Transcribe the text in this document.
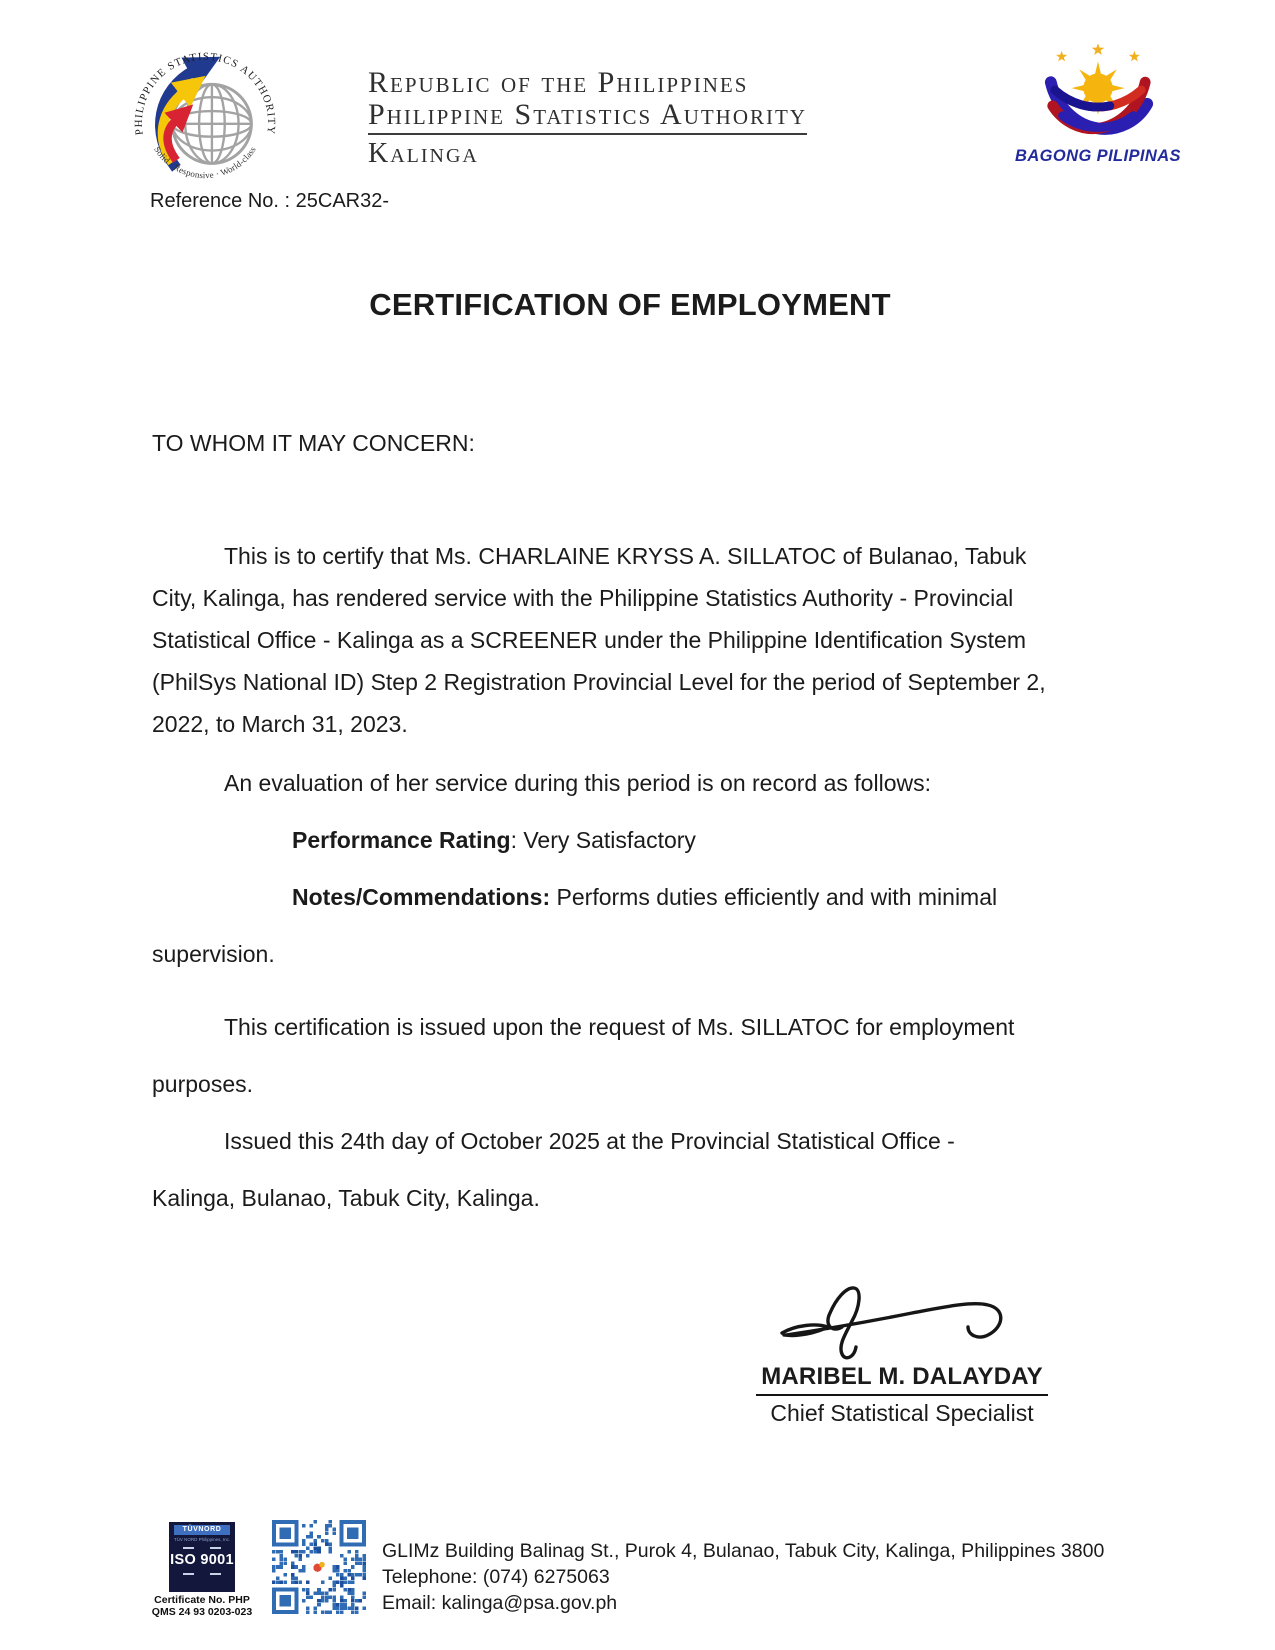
PHILIPPINE STATISTICS AUTHORITY
Solid · Responsive · World-class
Republic of the Philippines
Philippine Statistics Authority
Kalinga	BAGONG PILIPINAS
Reference No. : 25CAR32-
CERTIFICATION OF EMPLOYMENT
TO WHOM IT MAY CONCERN:
This is to certify that Ms. CHARLAINE KRYSS A. SILLATOC of Bulanao, Tabuk
City, Kalinga, has rendered service with the Philippine Statistics Authority - Provincial
Statistical Office - Kalinga as a SCREENER under the Philippine Identification System
(PhilSys National ID) Step 2 Registration Provincial Level for the period of September 2,
2022, to March 31, 2023.
An evaluation of her service during this period is on record as follows:
Performance Rating: Very Satisfactory
Notes/Commendations: Performs duties efficiently and with minimal
supervision.
This certification is issued upon the request of Ms. SILLATOC for employment
purposes.
Issued this 24th day of October 2025 at the Provincial Statistical Office -
Kalinga, Bulanao, Tabuk City, Kalinga.
MARIBEL M. DALAYDAY
Chief Statistical Specialist
TÜVNORD
TÜV NORD Philippines, Inc.
ISO 9001
Certificate No. PHP
QMS 24 93 0203-023
GLIMz Building Balinag St., Purok 4, Bulanao, Tabuk City, Kalinga, Philippines 3800
Telephone: (074) 6275063
Email: kalinga@psa.gov.ph
